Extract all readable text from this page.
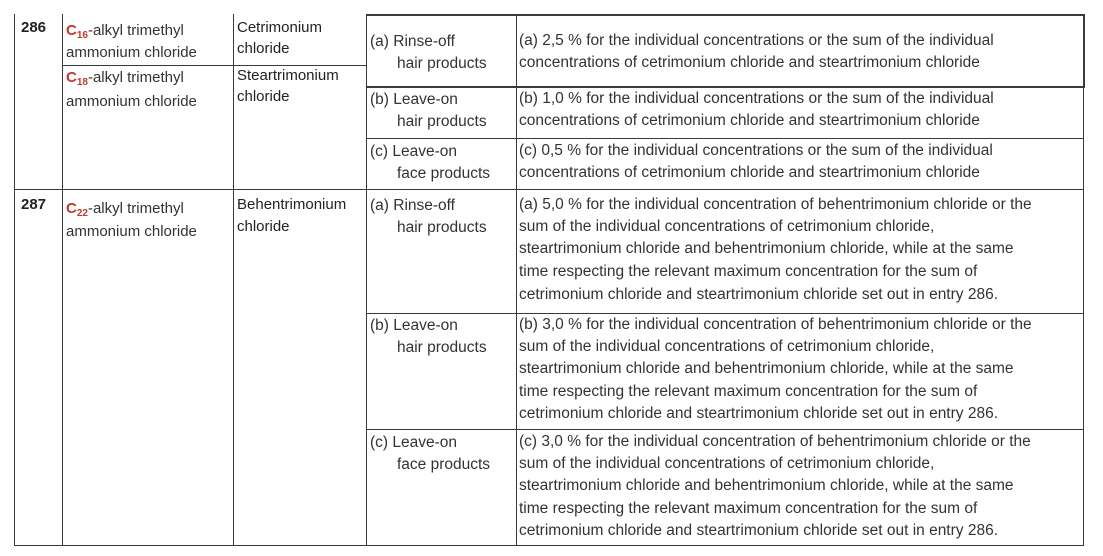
286 $C_{16}$-alkyl trimethyl
ammonium chloride
$C_{18}$-alkyl trimethyl
ammonium chloride
Cetrimonium
chloride
Steartrimonium
chloride
(a) Rinse-off
hair products
(a) 2,5 % for the individual concentrations or the sum of the individual
concentrations of cetrimonium chloride and steartrimonium chloride
(b) Leave-on
hair products
(b) 1,0 % for the individual concentrations or the sum of the individual
concentrations of cetrimonium chloride and steartrimonium chloride
(c) Leave-on
face products
(c) 0,5 % for the individual concentrations or the sum of the individual
concentrations of cetrimonium chloride and steartrimonium chloride
287 $C_{22}$-alkyl trimethyl
ammonium chloride
Behentrimonium
chloride
(a) Rinse-off
hair products
(a) 5,0 % for the individual concentration of behentrimonium chloride or the
sum of the individual concentrations of cetrimonium chloride,
steartrimonium chloride and behentrimonium chloride, while at the same
time respecting the relevant maximum concentration for the sum of
cetrimonium chloride and steartrimonium chloride set out in entry 286.
(b) Leave-on
hair products
(b) 3,0 % for the individual concentration of behentrimonium chloride or the
sum of the individual concentrations of cetrimonium chloride,
steartrimonium chloride and behentrimonium chloride, while at the same
time respecting the relevant maximum concentration for the sum of
cetrimonium chloride and steartrimonium chloride set out in entry 286.
(c) Leave-on
face products
(c) 3,0 % for the individual concentration of behentrimonium chloride or the
sum of the individual concentrations of cetrimonium chloride,
steartrimonium chloride and behentrimonium chloride, while at the same
time respecting the relevant maximum concentration for the sum of
cetrimonium chloride and steartrimonium chloride set out in entry 286.
